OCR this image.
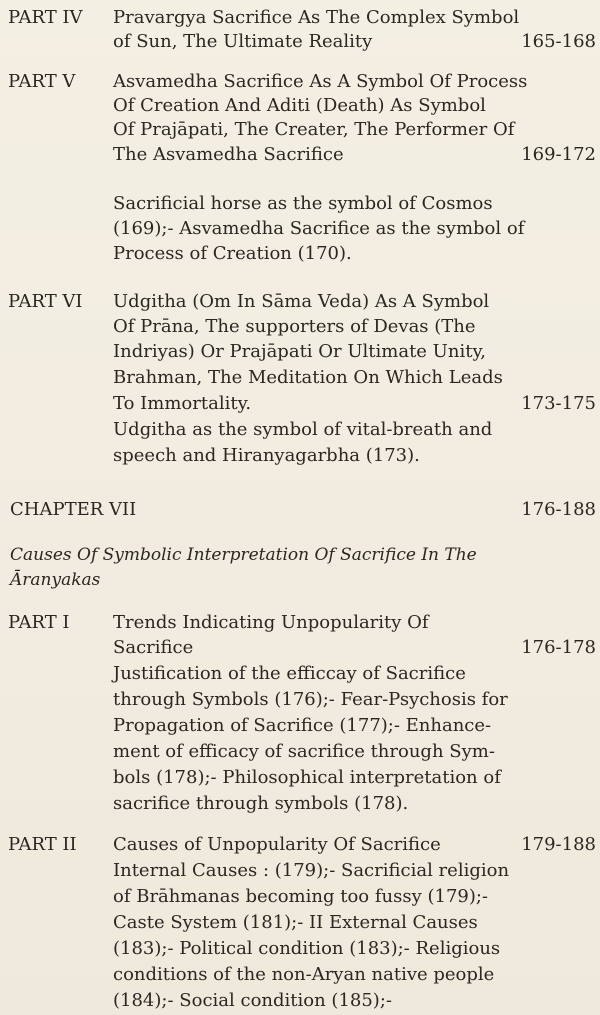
PART IV Pravargya Sacrifice As The Complex Symbol
of Sun, The Ultimate Reality	165-168
PART V Asvamedha Sacrifice As A Symbol Of Process
Of Creation And Aditi (Death) As Symbol
Of Prajāpati, The Creater, The Performer Of
The Asvamedha Sacrifice	169-172
Sacrificial horse as the symbol of Cosmos
(169);- Asvamedha Sacrifice as the symbol of
Process of Creation (170).
PART VI Udgitha (Om In Sāma Veda) As A Symbol
Of Prāna, The supporters of Devas (The
Indriyas) Or Prajāpati Or Ultimate Unity,
Brahman, The Meditation On Which Leads
To Immortality.	173-175
Udgitha as the symbol of vital-breath and
speech and Hiranyagarbha (173).
CHAPTER VII	176-188
Causes Of Symbolic Interpretation Of Sacrifice In The
Āranyakas
PART I Trends Indicating Unpopularity Of
Sacrifice	176-178
Justification of the efficcay of Sacrifice
through Symbols (176);- Fear-Psychosis for
Propagation of Sacrifice (177);- Enhance-
ment of efficacy of sacrifice through Sym-
bols (178);- Philosophical interpretation of
sacrifice through symbols (178).
PART II Causes of Unpopularity Of Sacrifice	179-188
Internal Causes : (179);- Sacrificial religion
of Brāhmanas becoming too fussy (179);-
Caste System (181);- II External Causes
(183);- Political condition (183);- Religious
conditions of the non-Aryan native people
(184);- Social condition (185);-
